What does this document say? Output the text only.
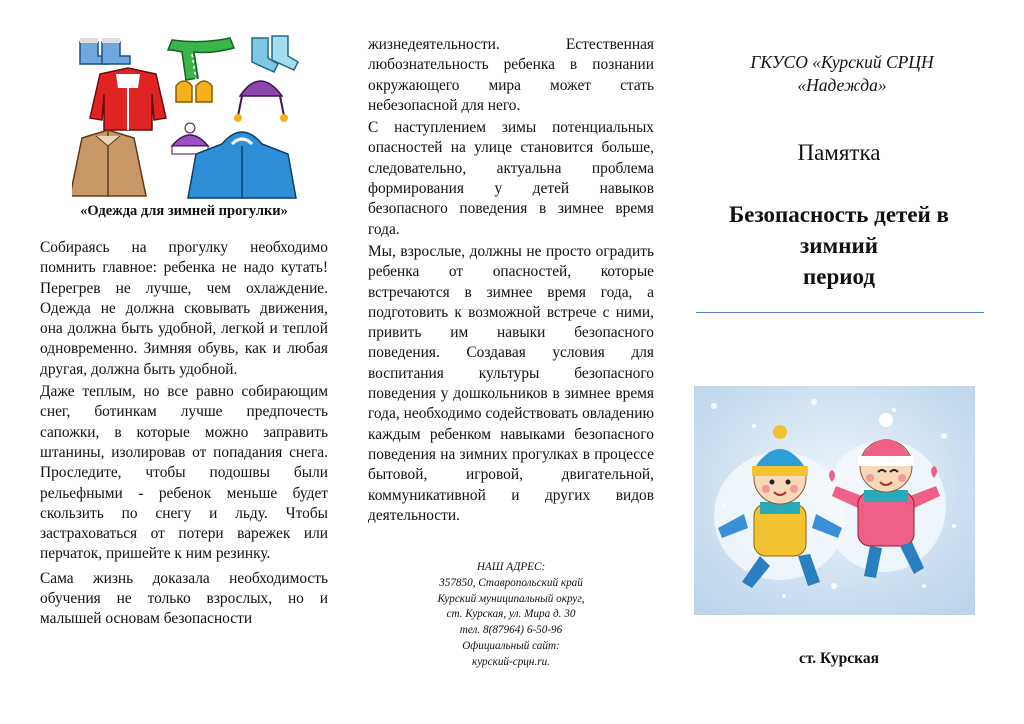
«Одежда для зимней прогулки»

Собираясь на прогулку необходимо помнить главное: ребенка не надо кутать! Перегрев не лучше, чем охлаждение. Одежда не должна сковывать движения, она должна быть удобной, легкой и теплой одновременно. Зимняя обувь, как и любая другая, должна быть удобной.

Даже теплым, но все равно собирающим снег, ботинкам лучше предпочесть сапожки, в которые можно заправить штанины, изолировав от попадания снега. Проследите, чтобы подошвы были рельефными - ребенок меньше будет скользить по снегу и льду. Чтобы застраховаться от потери варежек или перчаток, пришейте к ним резинку.

Сама жизнь доказала необходимость обучения не только взрослых, но и малышей основам безопасности

жизнедеятельности. Естественная любознательность ребенка в познании окружающего мира может стать небезопасной для него.

С наступлением зимы потенциальных опасностей на улице становится больше, следовательно, актуальна проблема формирования у детей навыков безопасного поведения в зимнее время года.

Мы, взрослые, должны не просто оградить ребенка от опасностей, которые встречаются в зимнее время года, а подготовить к возможной встрече с ними, привить им навыки безопасного поведения. Создавая условия для воспитания культуры безопасного поведения у дошкольников в зимнее время года, необходимо содействовать овладению каждым ребенком навыками безопасного поведения на зимних прогулках в процессе бытовой, игровой, двигательной, коммуникативной и других видов деятельности.

НАШ АДРЕС:
357850, Ставропольский край
Курский муниципальный округ,
ст. Курская, ул. Мира д. 30
тел. 8(87964) 6-50-96
Официальный сайт:
курский-срцн.ru.
ГКУСО «Курский СРЦН
«Надежда»
Памятка
Безопасность детей в
зимний
период
ст. Курская
